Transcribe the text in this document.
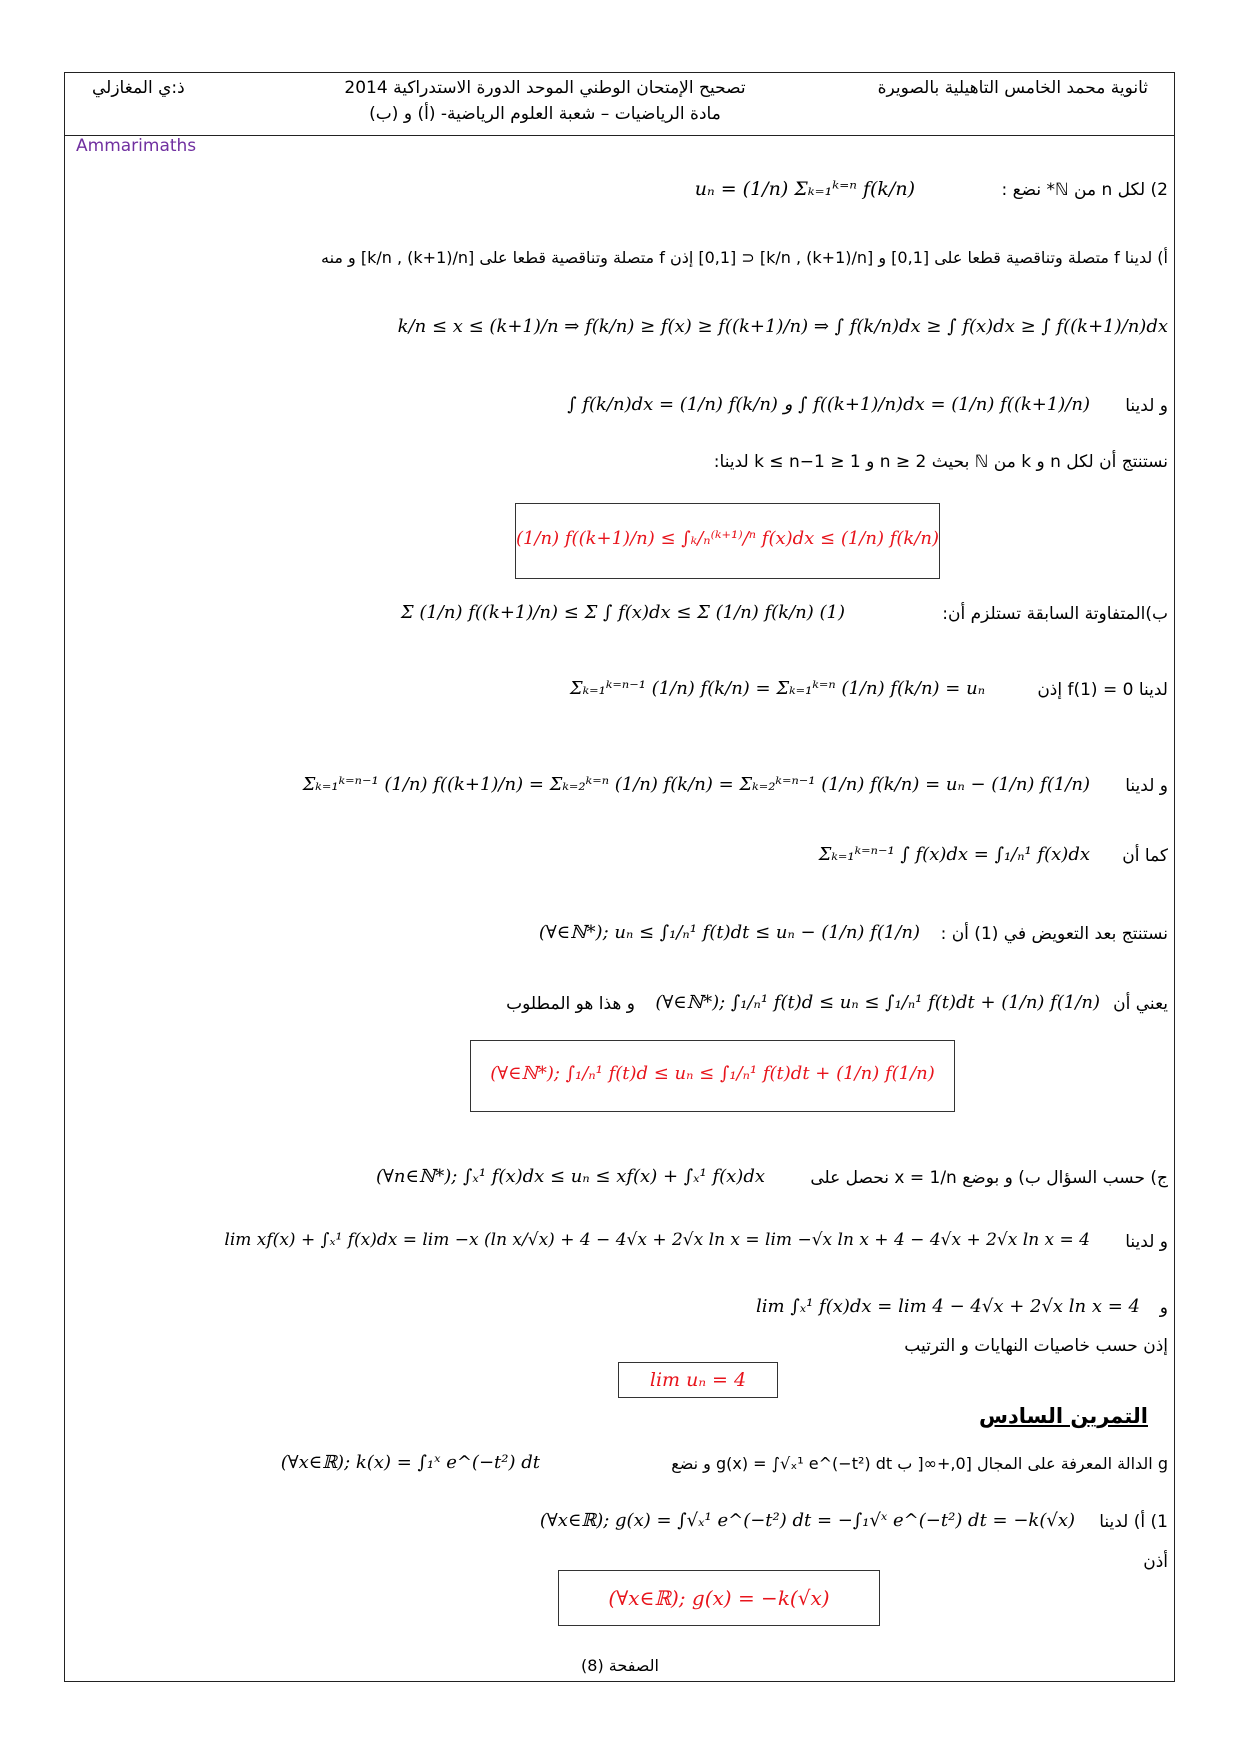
ثانوية محمد الخامس التاهيلية بالصويرة
تصحيح الإمتحان الوطني الموحد الدورة الاستدراكية 2014
مادة الرياضيات – شعبة العلوم الرياضية- (أ) و (ب)
ذ:ي المغازلي
Ammarimaths
2) لكل n من ℕ* نضع :
uₙ = (1/n) Σₖ₌₁ᵏ⁼ⁿ f(k/n)
أ) لدينا f متصلة وتناقصية قطعا على [0,1] و [k/n , (k+1)/n] ⊂ [0,1] إذن f متصلة وتناقصية قطعا على [k/n , (k+1)/n] و منه
k/n ≤ x ≤ (k+1)/n ⇒ f(k/n) ≥ f(x) ≥ f((k+1)/n) ⇒ ∫ f(k/n)dx ≥ ∫ f(x)dx ≥ ∫ f((k+1)/n)dx
و لدينا
∫ f(k/n)dx = (1/n) f(k/n) و ∫ f((k+1)/n)dx = (1/n) f((k+1)/n)
نستنتج أن لكل n و k من ℕ بحيث n ≥ 2 و 1 ≤ k ≤ n−1 لدينا:
(1/n) f((k+1)/n) ≤ ∫ₖ/ₙ⁽ᵏ⁺¹⁾/ⁿ f(x)dx ≤ (1/n) f(k/n)
ب)المتفاوتة السابقة تستلزم أن:
Σ (1/n) f((k+1)/n) ≤ Σ ∫ f(x)dx ≤ Σ (1/n) f(k/n) (1)
لدينا f(1) = 0 إذن
Σₖ₌₁ᵏ⁼ⁿ⁻¹ (1/n) f(k/n) = Σₖ₌₁ᵏ⁼ⁿ (1/n) f(k/n) = uₙ
و لدينا
Σₖ₌₁ᵏ⁼ⁿ⁻¹ (1/n) f((k+1)/n) = Σₖ₌₂ᵏ⁼ⁿ (1/n) f(k/n) = Σₖ₌₂ᵏ⁼ⁿ⁻¹ (1/n) f(k/n) = uₙ − (1/n) f(1/n)
كما أن
Σₖ₌₁ᵏ⁼ⁿ⁻¹ ∫ f(x)dx = ∫₁/ₙ¹ f(x)dx
نستنتج بعد التعويض في (1) أن :
(∀∈ℕ*); uₙ ≤ ∫₁/ₙ¹ f(t)dt ≤ uₙ − (1/n) f(1/n)
يعني أن
(∀∈ℕ*); ∫₁/ₙ¹ f(t)d ≤ uₙ ≤ ∫₁/ₙ¹ f(t)dt + (1/n) f(1/n)
و هذا هو المطلوب
(∀∈ℕ*); ∫₁/ₙ¹ f(t)d ≤ uₙ ≤ ∫₁/ₙ¹ f(t)dt + (1/n) f(1/n)
ج) حسب السؤال ب) و بوضع x = 1/n نحصل على
(∀n∈ℕ*); ∫ₓ¹ f(x)dx ≤ uₙ ≤ xf(x) + ∫ₓ¹ f(x)dx
و لدينا
lim xf(x) + ∫ₓ¹ f(x)dx = lim −x (ln x/√x) + 4 − 4√x + 2√x ln x = lim −√x ln x + 4 − 4√x + 2√x ln x = 4
و
lim ∫ₓ¹ f(x)dx = lim 4 − 4√x + 2√x ln x = 4
إذن حسب خاصيات النهايات و الترتيب
lim uₙ = 4
التمرين السادس
g الدالة المعرفة على المجال [0,+∞[ ب g(x) = ∫√ₓ¹ e^(−t²) dt و نضع
(∀x∈ℝ); k(x) = ∫₁ˣ e^(−t²) dt
1) أ) لدينا
(∀x∈ℝ); g(x) = ∫√ₓ¹ e^(−t²) dt = −∫₁√ˣ e^(−t²) dt = −k(√x)
أذن
(∀x∈ℝ); g(x) = −k(√x)
الصفحة (8)
